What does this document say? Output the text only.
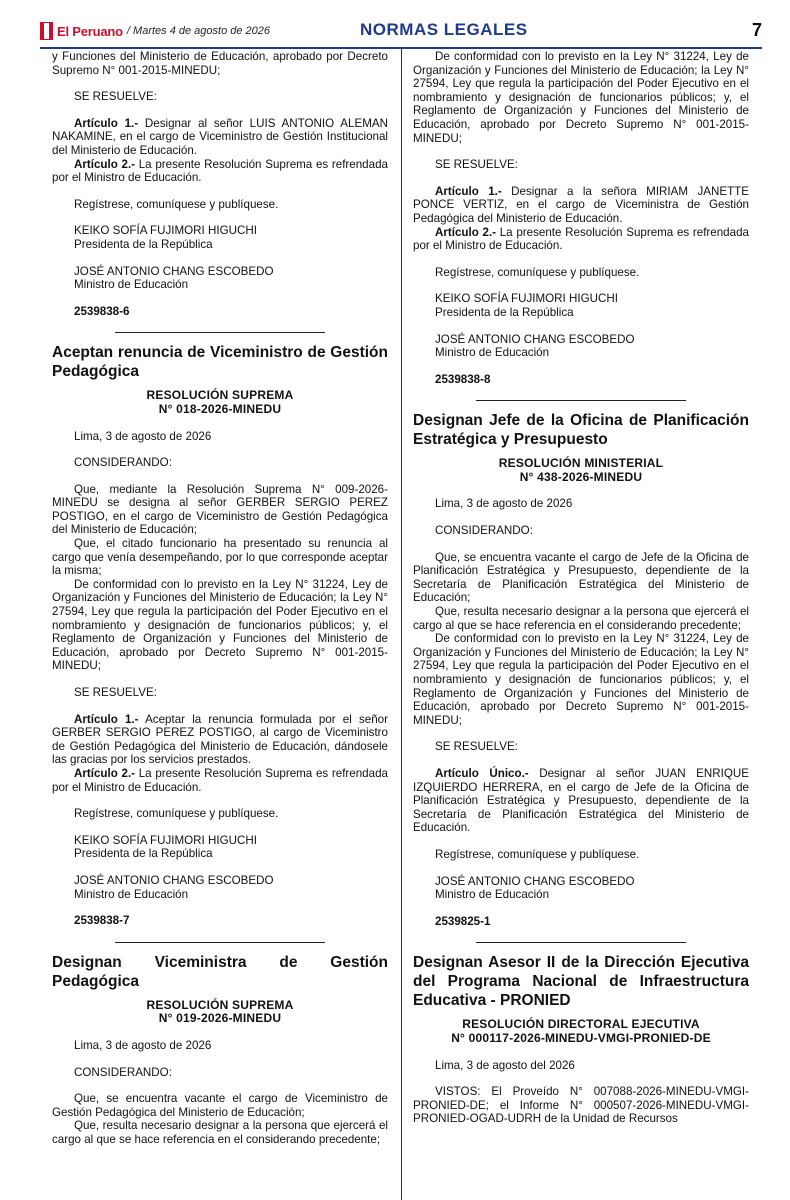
El Peruano / Martes 4 de agosto de 2026	NORMAS LEGALES	7

y Funciones del Ministerio de Educación, aprobado por Decreto Supremo N° 001-2015-MINEDU;

SE RESUELVE:

Artículo 1.- Designar al señor LUIS ANTONIO ALEMAN NAKAMINE, en el cargo de Viceministro de Gestión Institucional del Ministerio de Educación.

Artículo 2.- La presente Resolución Suprema es refrendada por el Ministro de Educación.

Regístrese, comuníquese y publíquese.

KEIKO SOFÍA FUJIMORI HIGUCHI

Presidenta de la República

JOSÉ ANTONIO CHANG ESCOBEDO

Ministro de Educación

2539838-6

Aceptan renuncia de Viceministro de Gestión Pedagógica
RESOLUCIÓN SUPREMA
N° 018-2026-MINEDU

Lima, 3 de agosto de 2026

CONSIDERANDO:

Que, mediante la Resolución Suprema N° 009-2026-MINEDU se designa al señor GERBER SERGIO PEREZ POSTIGO, en el cargo de Viceministro de Gestión Pedagógica del Ministerio de Educación;

Que, el citado funcionario ha presentado su renuncia al cargo que venía desempeñando, por lo que corresponde aceptar la misma;

De conformidad con lo previsto en la Ley N° 31224, Ley de Organización y Funciones del Ministerio de Educación; la Ley N° 27594, Ley que regula la participación del Poder Ejecutivo en el nombramiento y designación de funcionarios públicos; y, el Reglamento de Organización y Funciones del Ministerio de Educación, aprobado por Decreto Supremo N° 001-2015-MINEDU;

SE RESUELVE:

Artículo 1.- Aceptar la renuncia formulada por el señor GERBER SERGIO PEREZ POSTIGO, al cargo de Viceministro de Gestión Pedagógica del Ministerio de Educación, dándosele las gracias por los servicios prestados.

Artículo 2.- La presente Resolución Suprema es refrendada por el Ministro de Educación.

Regístrese, comuníquese y publíquese.

KEIKO SOFÍA FUJIMORI HIGUCHI

Presidenta de la República

JOSÉ ANTONIO CHANG ESCOBEDO

Ministro de Educación

2539838-7

Designan Viceministra de Gestión Pedagógica
RESOLUCIÓN SUPREMA
N° 019-2026-MINEDU

Lima, 3 de agosto de 2026

CONSIDERANDO:

Que, se encuentra vacante el cargo de Viceministro de Gestión Pedagógica del Ministerio de Educación;

Que, resulta necesario designar a la persona que ejercerá el cargo al que se hace referencia en el considerando precedente;

De conformidad con lo previsto en la Ley N° 31224, Ley de Organización y Funciones del Ministerio de Educación; la Ley N° 27594, Ley que regula la participación del Poder Ejecutivo en el nombramiento y designación de funcionarios públicos; y, el Reglamento de Organización y Funciones del Ministerio de Educación, aprobado por Decreto Supremo N° 001-2015-MINEDU;

SE RESUELVE:

Artículo 1.- Designar a la señora MIRIAM JANETTE PONCE VERTIZ, en el cargo de Viceministra de Gestión Pedagógica del Ministerio de Educación.

Artículo 2.- La presente Resolución Suprema es refrendada por el Ministro de Educación.

Regístrese, comuníquese y publíquese.

KEIKO SOFÍA FUJIMORI HIGUCHI

Presidenta de la República

JOSÉ ANTONIO CHANG ESCOBEDO

Ministro de Educación

2539838-8

Designan Jefe de la Oficina de Planificación Estratégica y Presupuesto
RESOLUCIÓN MINISTERIAL
N° 438-2026-MINEDU

Lima, 3 de agosto de 2026

CONSIDERANDO:

Que, se encuentra vacante el cargo de Jefe de la Oficina de Planificación Estratégica y Presupuesto, dependiente de la Secretaría de Planificación Estratégica del Ministerio de Educación;

Que, resulta necesario designar a la persona que ejercerá el cargo al que se hace referencia en el considerando precedente;

De conformidad con lo previsto en la Ley N° 31224, Ley de Organización y Funciones del Ministerio de Educación; la Ley N° 27594, Ley que regula la participación del Poder Ejecutivo en el nombramiento y designación de funcionarios públicos; y, el Reglamento de Organización y Funciones del Ministerio de Educación, aprobado por Decreto Supremo N° 001-2015-MINEDU;

SE RESUELVE:

Artículo Único.- Designar al señor JUAN ENRIQUE IZQUIERDO HERRERA, en el cargo de Jefe de la Oficina de Planificación Estratégica y Presupuesto, dependiente de la Secretaría de Planificación Estratégica del Ministerio de Educación.

Regístrese, comuníquese y publíquese.

JOSÉ ANTONIO CHANG ESCOBEDO

Ministro de Educación

2539825-1

Designan Asesor II de la Dirección Ejecutiva del Programa Nacional de Infraestructura Educativa - PRONIED
RESOLUCIÓN DIRECTORAL EJECUTIVA
N° 000117-2026-MINEDU-VMGI-PRONIED-DE

Lima, 3 de agosto del 2026

VISTOS: El Proveído N° 007088-2026-MINEDU-VMGI-PRONIED-DE; el Informe N° 000507-2026-MINEDU-VMGI-PRONIED-OGAD-UDRH de la Unidad de Recursos
